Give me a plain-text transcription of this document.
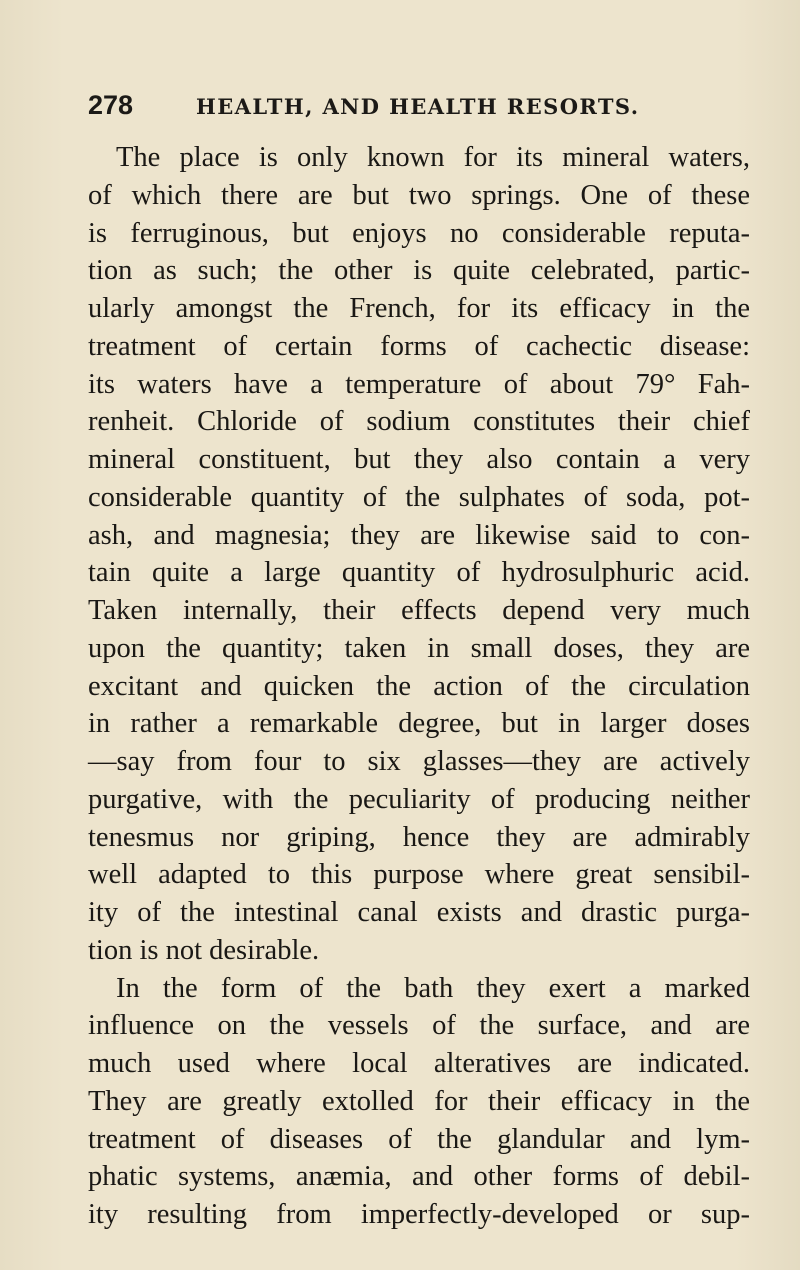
278	HEALTH, AND HEALTH RESORTS.
The place is only known for its mineral waters,
of which there are but two springs. One of these
is ferruginous, but enjoys no considerable reputa-
tion as such; the other is quite celebrated, partic-
ularly amongst the French, for its efficacy in the
treatment of certain forms of cachectic disease:
its waters have a temperature of about 79° Fah-
renheit. Chloride of sodium constitutes their chief
mineral constituent, but they also contain a very
considerable quantity of the sulphates of soda, pot-
ash, and magnesia; they are likewise said to con-
tain quite a large quantity of hydrosulphuric acid.
Taken internally, their effects depend very much
upon the quantity; taken in small doses, they are
excitant and quicken the action of the circulation
in rather a remarkable degree, but in larger doses
—say from four to six glasses—they are actively
purgative, with the peculiarity of producing neither
tenesmus nor griping, hence they are admirably
well adapted to this purpose where great sensibil-
ity of the intestinal canal exists and drastic purga-
tion is not desirable.
In the form of the bath they exert a marked
influence on the vessels of the surface, and are
much used where local alteratives are indicated.
They are greatly extolled for their efficacy in the
treatment of diseases of the glandular and lym-
phatic systems, anæmia, and other forms of debil-
ity resulting from imperfectly-developed or sup-
